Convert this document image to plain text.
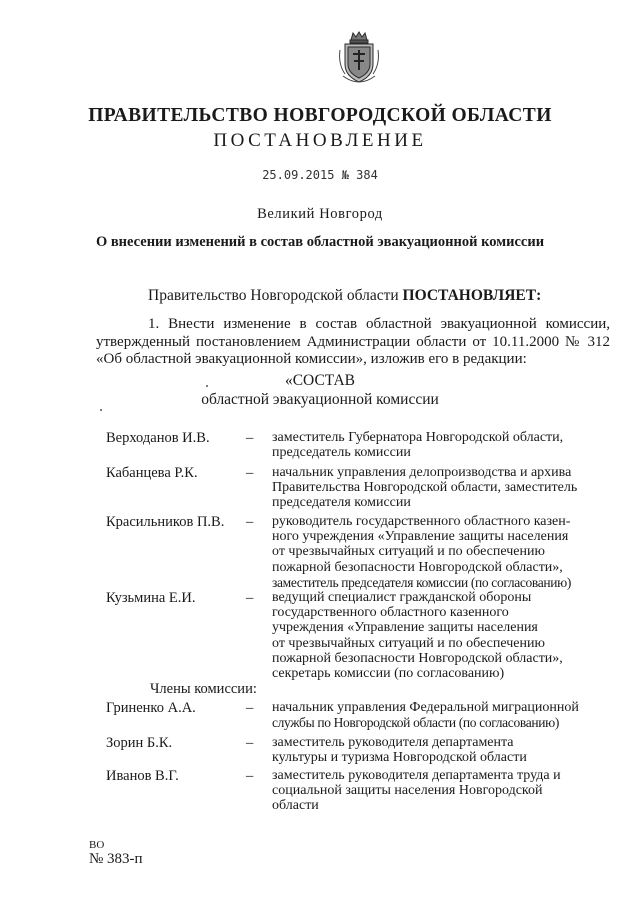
ПРАВИТЕЛЬСТВО НОВГОРОДСКОЙ ОБЛАСТИ
ПОСТАНОВЛЕНИЕ
25.09.2015 № 384
Великий Новгород
О внесении изменений в состав областной эвакуационной комиссии
Правительство Новгородской области ПОСТАНОВЛЯЕТ:
1. Внести изменение в состав областной эвакуационной комиссии, утвержденный постановлением Администрации области от 10.11.2000 № 312 «Об областной эвакуационной комиссии», изложив его в редакции:
«СОСТАВ
областной эвакуационной комиссии
Верходанов И.В.	– заместитель Губернатора Новгородской области,
председатель комиссии
Кабанцева Р.К.	– начальник управления делопроизводства и архива
Правительства Новгородской области, заместитель
председателя комиссии
Красильников П.В. – руководитель государственного областного казен-
ного учреждения «Управление защиты населения
от чрезвычайных ситуаций и по обеспечению
пожарной безопасности Новгородской области»,
заместитель председателя комиссии (по согласованию)
Кузьмина Е.И.	– ведущий специалист гражданской обороны
государственного областного казенного
учреждения «Управление защиты населения
от чрезвычайных ситуаций и по обеспечению
пожарной безопасности Новгородской области»,
секретарь комиссии (по согласованию)
Члены комиссии:
Гриненко А.А.	– начальник управления Федеральной миграционной
службы по Новгородской области (по согласованию)
Зорин Б.К.	– заместитель руководителя департамента
культуры и туризма Новгородской области
Иванов В.Г.	– заместитель руководителя департамента труда и
социальной защиты населения Новгородской
области
ВО
№ 383-п
